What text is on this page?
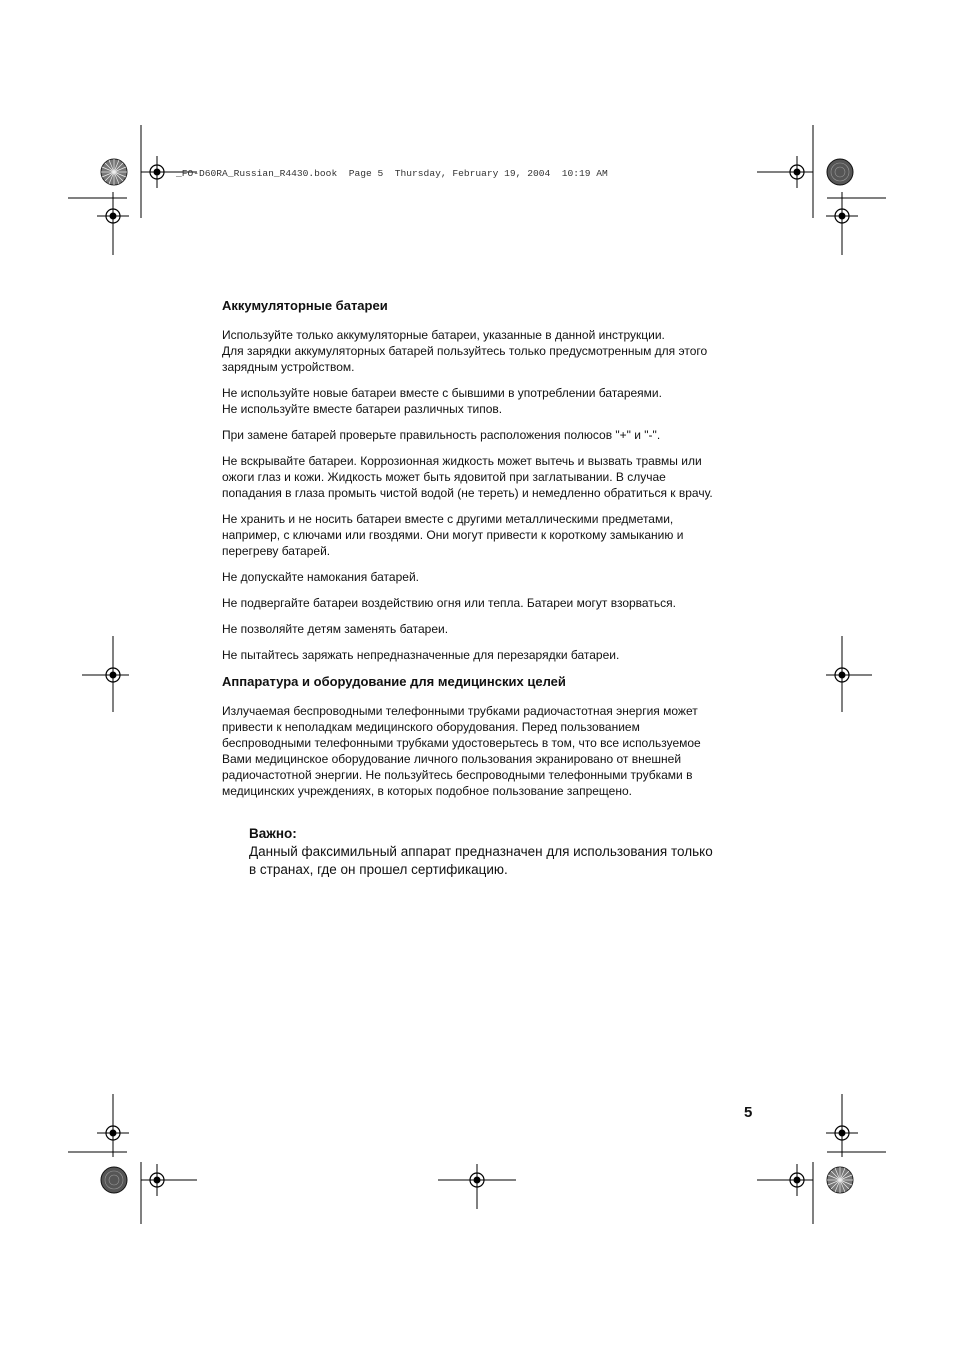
_FO-D60RA_Russian_R4430.book  Page 5  Thursday, February 19, 2004  10:19 AM
Аккумуляторные батареи
Используйте только аккумуляторные батареи, указанные в данной инструкции.
Для зарядки аккумуляторных батарей пользуйтесь только предусмотренным для этого
зарядным устройством.
Не используйте новые батареи вместе с бывшими в употреблении батареями.
Не используйте вместе батареи различных типов.
При замене батарей проверьте правильность расположения полюсов "+" и "-".
Не вскрывайте батареи. Коррозионная жидкость может вытечь и вызвать травмы или
ожоги глаз и кожи. Жидкость может быть ядовитой при заглатывании. В случае
попадания в глаза промыть чистой водой (не тереть) и немедленно обратиться к врачу.
Не хранить и не носить батареи вместе с другими металлическими предметами,
например, с ключами или гвоздями. Они могут привести к короткому замыканию и
перегреву батарей.
Не допускайте намокания батарей.
Не подвергайте батареи воздействию огня или тепла. Батареи могут взорваться.
Не позволяйте детям заменять батареи.
Не пытайтесь заряжать непредназначенные для перезарядки батареи.
Аппаратура и оборудование для медицинских целей
Излучаемая беспроводными телефонными трубками радиочастотная энергия может
привести к неполадкам медицинского оборудования. Перед пользованием
беспроводными телефонными трубками удостоверьтесь в том, что все используемое
Вами медицинское оборудование личного пользования экранировано от внешней
радиочастотной энергии. Не пользуйтесь беспроводными телефонными трубками в
медицинских учреждениях, в которых подобное пользование запрещено.
Важно:
Данный факсимильный аппарат предназначен для использования только
в странах, где он прошел сертификацию.
5
